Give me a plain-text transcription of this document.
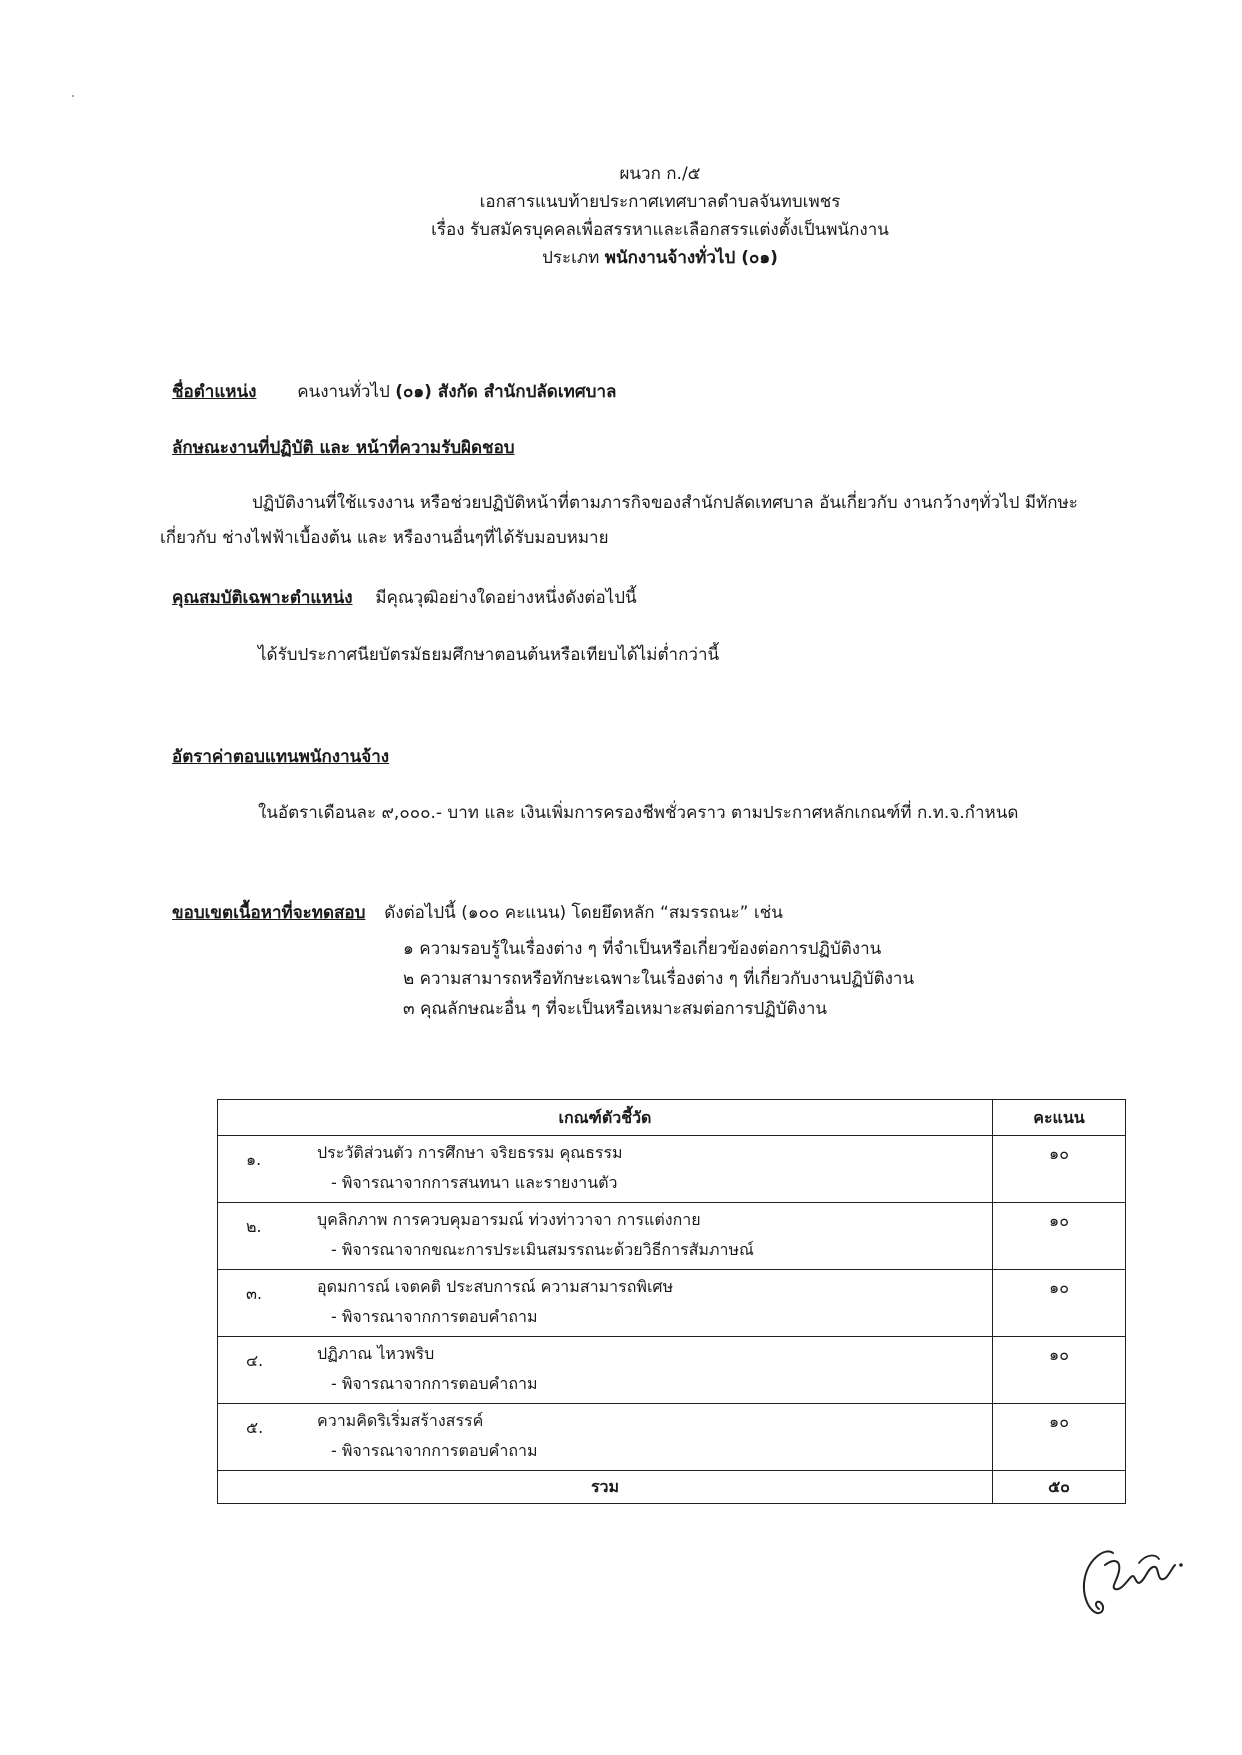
ผนวก ก./๕
เอกสารแนบท้ายประกาศเทศบาลตำบลจันทบเพชร
เรื่อง รับสมัครบุคคลเพื่อสรรหาและเลือกสรรแต่งตั้งเป็นพนักงาน
ประเภท พนักงานจ้างทั่วไป (๐๑)
ชื่อตำแหน่ง คนงานทั่วไป (๐๑) สังกัด สำนักปลัดเทศบาล
ลักษณะงานที่ปฏิบัติ และ หน้าที่ความรับผิดชอบ
ปฏิบัติงานที่ใช้แรงงาน หรือช่วยปฏิบัติหน้าที่ตามภารกิจของสำนักปลัดเทศบาล อันเกี่ยวกับ งานกว้างๆทั่วไป มีทักษะ
เกี่ยวกับ ช่างไฟฟ้าเบื้องต้น และ หรืองานอื่นๆที่ได้รับมอบหมาย
คุณสมบัติเฉพาะตำแหน่ง มีคุณวุฒิอย่างใดอย่างหนึ่งดังต่อไปนี้
ได้รับประกาศนียบัตรมัธยมศึกษาตอนต้นหรือเทียบได้ไม่ต่ำกว่านี้
อัตราค่าตอบแทนพนักงานจ้าง
ในอัตราเดือนละ ๙,๐๐๐.- บาท และ เงินเพิ่มการครองชีพชั่วคราว ตามประกาศหลักเกณฑ์ที่ ก.ท.จ.กำหนด
ขอบเขตเนื้อหาที่จะทดสอบ ดังต่อไปนี้ (๑๐๐ คะแนน) โดยยึดหลัก “สมรรถนะ” เช่น
๑ ความรอบรู้ในเรื่องต่าง ๆ ที่จำเป็นหรือเกี่ยวข้องต่อการปฏิบัติงาน
๒ ความสามารถหรือทักษะเฉพาะในเรื่องต่าง ๆ ที่เกี่ยวกับงานปฏิบัติงาน
๓ คุณลักษณะอื่น ๆ ที่จะเป็นหรือเหมาะสมต่อการปฏิบัติงาน
เกณฑ์ตัวชี้วัด		คะแนน
๑.	ประวัติส่วนตัว การศึกษา จริยธรรม คุณธรรม
- พิจารณาจากการสนทนา และรายงานตัว	๑๐
๒.	บุคลิกภาพ การควบคุมอารมณ์ ท่วงท่าวาจา การแต่งกาย
- พิจารณาจากขณะการประเมินสมรรถนะด้วยวิธีการสัมภาษณ์	๑๐
๓.	อุดมการณ์ เจตคติ ประสบการณ์ ความสามารถพิเศษ
- พิจารณาจากการตอบคำถาม	๑๐
๔.	ปฏิภาณ ไหวพริบ
- พิจารณาจากการตอบคำถาม	๑๐
๕.	ความคิดริเริ่มสร้างสรรค์
- พิจารณาจากการตอบคำถาม	๑๐
รวม		๕๐
